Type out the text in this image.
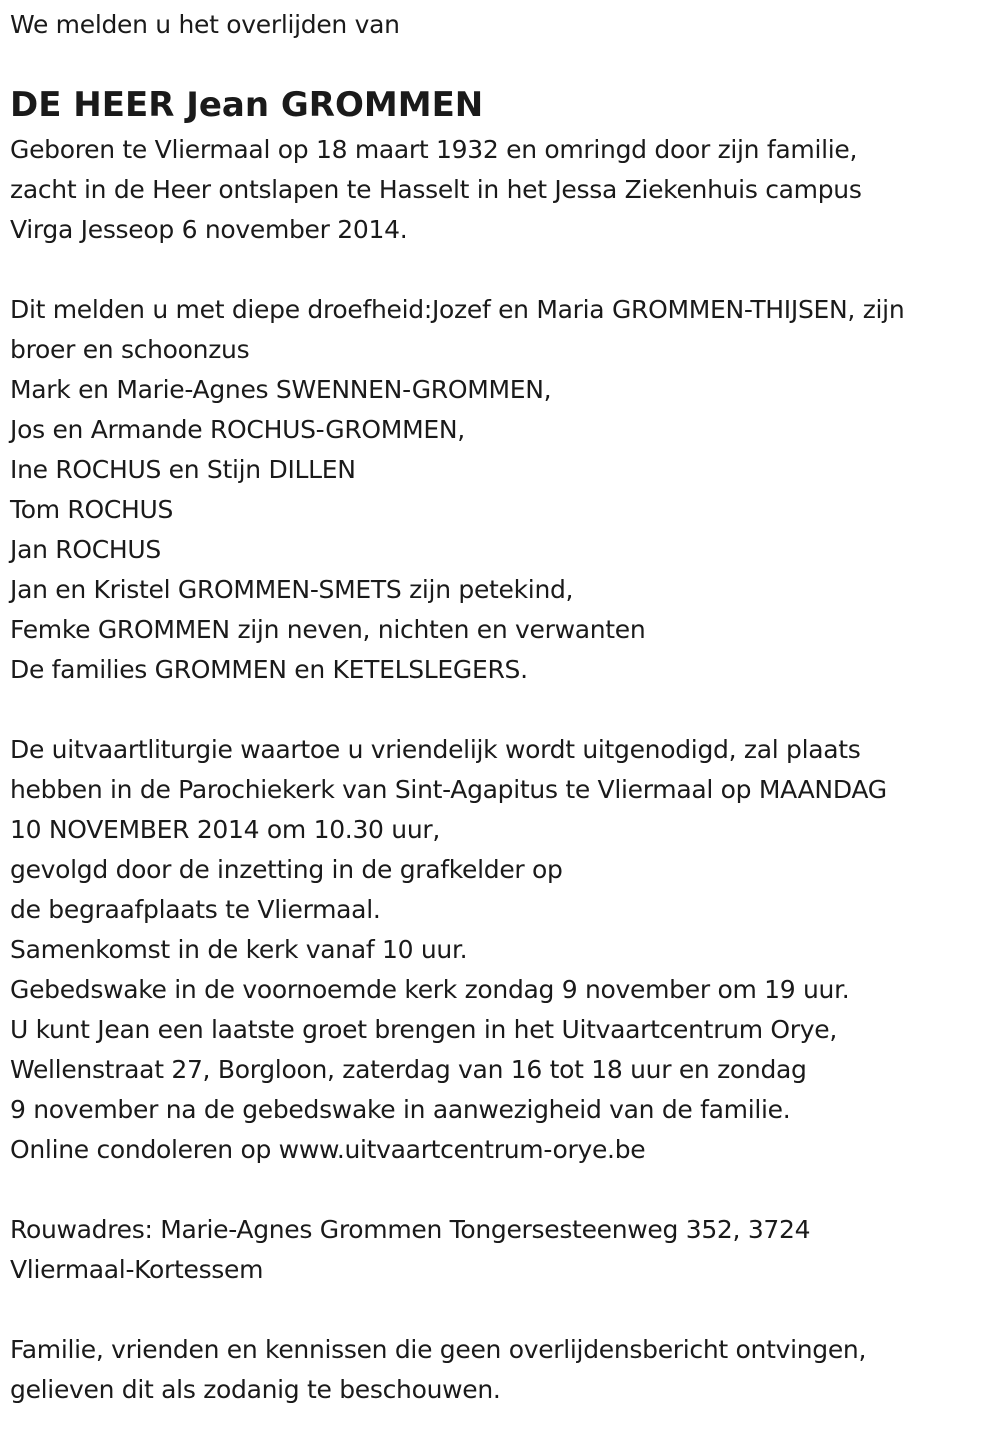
We melden u het overlijden van
DE HEER Jean GROMMEN
Geboren te Vliermaal op 18 maart 1932 en omringd door zijn familie,
zacht in de Heer ontslapen te Hasselt in het Jessa Ziekenhuis campus
Virga Jesseop 6 november 2014.
Dit melden u met diepe droefheid:Jozef en Maria GROMMEN-THIJSEN, zijn
broer en schoonzus
Mark en Marie-Agnes SWENNEN-GROMMEN,
Jos en Armande ROCHUS-GROMMEN,
Ine ROCHUS en Stijn DILLEN
Tom ROCHUS
Jan ROCHUS
Jan en Kristel GROMMEN-SMETS zijn petekind,
Femke GROMMEN zijn neven, nichten en verwanten
De families GROMMEN en KETELSLEGERS.
De uitvaartliturgie waartoe u vriendelijk wordt uitgenodigd, zal plaats
hebben in de Parochiekerk van Sint-Agapitus te Vliermaal op MAANDAG
10 NOVEMBER 2014 om 10.30 uur,
gevolgd door de inzetting in de grafkelder op
de begraafplaats te Vliermaal.
Samenkomst in de kerk vanaf 10 uur.
Gebedswake in de voornoemde kerk zondag 9 november om 19 uur.
U kunt Jean een laatste groet brengen in het Uitvaartcentrum Orye,
Wellenstraat 27, Borgloon, zaterdag van 16 tot 18 uur en zondag
9 november na de gebedswake in aanwezigheid van de familie.
Online condoleren op www.uitvaartcentrum-orye.be
Rouwadres: Marie-Agnes Grommen Tongersesteenweg 352, 3724
Vliermaal-Kortessem
Familie, vrienden en kennissen die geen overlijdensbericht ontvingen,
gelieven dit als zodanig te beschouwen.
